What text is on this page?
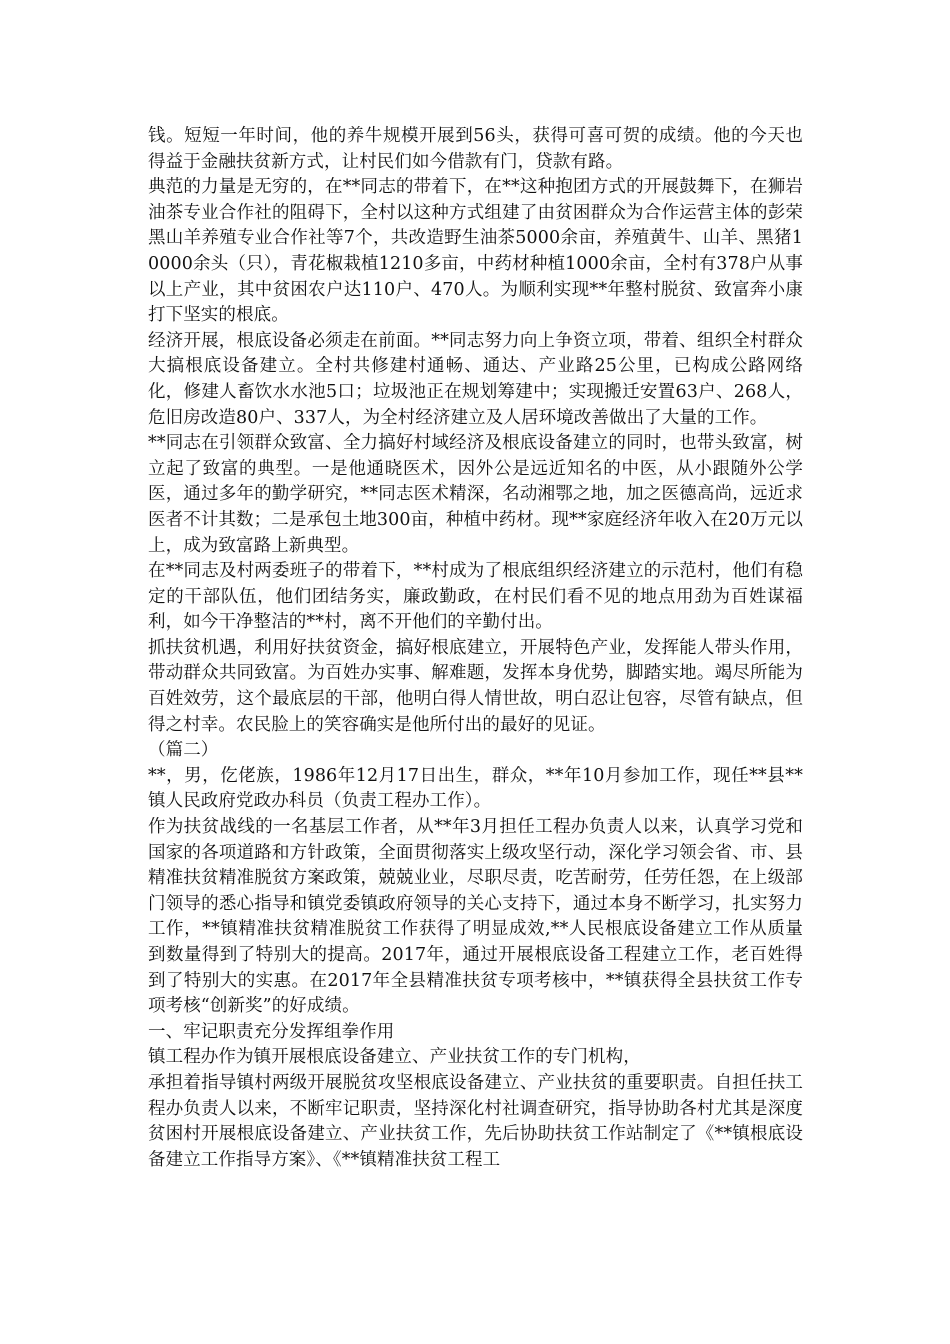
钱。短短一年时间，他的养牛规模开展到56头，获得可喜可贺的成绩。他的今天也得益于金融扶贫新方式，让村民们如今借款有门，贷款有路。

典范的力量是无穷的，在**同志的带着下，在**这种抱团方式的开展鼓舞下，在狮岩油茶专业合作社的阻碍下，全村以这种方式组建了由贫困群众为合作运营主体的彭荣黑山羊养殖专业合作社等7个，共改造野生油茶5000余亩，养殖黄牛、山羊、黑猪10000余头（只），青花椒栽植1210多亩，中药材种植1000余亩，全村有378户从事以上产业，其中贫困农户达110户、470人。为顺利实现**年整村脱贫、致富奔小康打下坚实的根底。

经济开展，根底设备必须走在前面。**同志努力向上争资立项，带着、组织全村群众大搞根底设备建立。全村共修建村通畅、通达、产业路25公里，已构成公路网络化，修建人畜饮水水池5口；垃圾池正在规划筹建中；实现搬迁安置63户、268人，危旧房改造80户、337人，为全村经济建立及人居环境改善做出了大量的工作。

**同志在引领群众致富、全力搞好村域经济及根底设备建立的同时，也带头致富，树立起了致富的典型。一是他通晓医术，因外公是远近知名的中医，从小跟随外公学医，通过多年的勤学研究，**同志医术精深，名动湘鄂之地，加之医德高尚，远近求医者不计其数；二是承包土地300亩，种植中药材。现**家庭经济年收入在20万元以上，成为致富路上新典型。

在**同志及村两委班子的带着下，**村成为了根底组织经济建立的示范村，他们有稳定的干部队伍，他们团结务实，廉政勤政，在村民们看不见的地点用劲为百姓谋福利，如今干净整洁的**村，离不开他们的辛勤付出。

抓扶贫机遇，利用好扶贫资金，搞好根底建立，开展特色产业，发挥能人带头作用，带动群众共同致富。为百姓办实事、解难题，发挥本身优势，脚踏实地。竭尽所能为百姓效劳，这个最底层的干部，他明白得人情世故，明白忍让包容，尽管有缺点，但得之村幸。农民脸上的笑容确实是他所付出的最好的见证。

（篇二）

**，男，仡佬族，1986年12月17日出生，群众，**年10月参加工作，现任**县**镇人民政府党政办科员（负责工程办工作）。

作为扶贫战线的一名基层工作者，从**年3月担任工程办负责人以来，认真学习党和国家的各项道路和方针政策，全面贯彻落实上级攻坚行动，深化学习领会省、市、县精准扶贫精准脱贫方案政策，兢兢业业，尽职尽责，吃苦耐劳，任劳任怨，在上级部门领导的悉心指导和镇党委镇政府领导的关心支持下，通过本身不断学习，扎实努力工作，**镇精准扶贫精准脱贫工作获得了明显成效,**人民根底设备建立工作从质量到数量得到了特别大的提高。2017年，通过开展根底设备工程建立工作，老百姓得到了特别大的实惠。在2017年全县精准扶贫专项考核中，**镇获得全县扶贫工作专项考核“创新奖”的好成绩。

一、牢记职责充分发挥组拳作用

镇工程办作为镇开展根底设备建立、产业扶贫工作的专门机构，

承担着指导镇村两级开展脱贫攻坚根底设备建立、产业扶贫的重要职责。自担任扶工程办负责人以来，不断牢记职责，坚持深化村社调查研究，指导协助各村尤其是深度贫困村开展根底设备建立、产业扶贫工作，先后协助扶贫工作站制定了《**镇根底设备建立工作指导方案》、《**镇精准扶贫工程工
